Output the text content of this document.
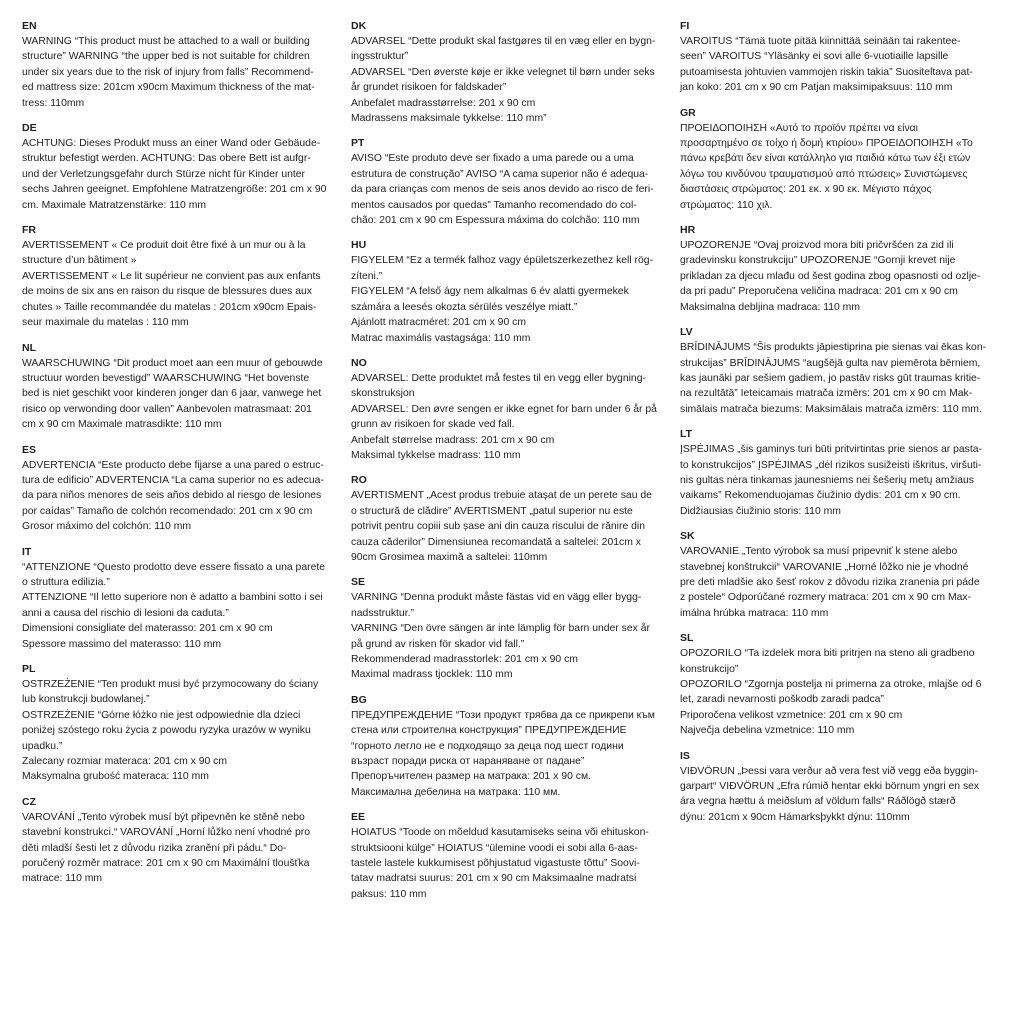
EN
WARNING “This product must be attached to a wall or building
structure” WARNING “the upper bed is not suitable for children
under six years due to the risk of injury from falls” Recommend-
ed mattress size: 201cm x90cm Maximum thickness of the mat-
tress: 110mm
DE
ACHTUNG: Dieses Produkt muss an einer Wand oder Gebäude-
struktur befestigt werden. ACHTUNG: Das obere Bett ist aufgr-
und der Verletzungsgefahr durch Stürze nicht für Kinder unter
sechs Jahren geeignet. Empfohlene Matratzengröße: 201 cm x 90
cm. Maximale Matratzenstärke: 110 mm
FR
AVERTISSEMENT « Ce produit doit être fixé à un mur ou à la
structure d’un bâtiment »
AVERTISSEMENT « Le lit supérieur ne convient pas aux enfants
de moins de six ans en raison du risque de blessures dues aux
chutes » Taille recommandée du matelas : 201cm x90cm Epais-
seur maximale du matelas : 110 mm
NL
WAARSCHUWING “Dit product moet aan een muur of gebouwde
structuur worden bevestigd” WAARSCHUWING “Het bovenste
bed is niet geschikt voor kinderen jonger dan 6 jaar, vanwege het
risico op verwonding door vallen” Aanbevolen matrasmaat: 201
cm x 90 cm Maximale matrasdikte: 110 mm
ES
ADVERTENCIA “Este producto debe fijarse a una pared o estruc-
tura de edificio” ADVERTENCIA “La cama superior no es adecua-
da para niños menores de seis años debido al riesgo de lesiones
por caídas” Tamaño de colchón recomendado: 201 cm x 90 cm
Grosor máximo del colchón: 110 mm
IT
“ATTENZIONE “Questo prodotto deve essere fissato a una parete
o struttura edilizia.”
ATTENZIONE “Il letto superiore non è adatto a bambini sotto i sei
anni a causa del rischio di lesioni da caduta.”
Dimensioni consigliate del materasso: 201 cm x 90 cm
Spessore massimo del materasso: 110 mm
PL
OSTRZEŻENIE “Ten produkt musi być przymocowany do ściany
lub konstrukcji budowlanej.”
OSTRZEŻENIE “Górne łóżko nie jest odpowiednie dla dzieci
poniżej szóstego roku życia z powodu ryzyka urazów w wyniku
upadku.”
Zalecany rozmiar materaca: 201 cm x 90 cm
Maksymalna grubość materaca: 110 mm
CZ
VAROVÁNÍ „Tento výrobek musí být připevněn ke stěně nebo
stavební konstrukci.“ VAROVÁNÍ „Horní lůžko není vhodné pro
děti mladší šesti let z důvodu rizika zranění při pádu.“ Do-
poručený rozměr matrace: 201 cm x 90 cm Maximální tloušťka
matrace: 110 mm
DK
ADVARSEL “Dette produkt skal fastgøres til en væg eller en bygn-
ingsstruktur”
ADVARSEL “Den øverste køje er ikke velegnet til børn under seks
år grundet risikoen for faldskader”
Anbefalet madrasstørrelse: 201 x 90 cm
Madrassens maksimale tykkelse: 110 mm”
PT
AVISO “Este produto deve ser fixado a uma parede ou a uma
estrutura de construção” AVISO “A cama superior não é adequa-
da para crianças com menos de seis anos devido ao risco de feri-
mentos causados por quedas” Tamanho recomendado do col-
chão: 201 cm x 90 cm Espessura máxima do colchão: 110 mm
HU
FIGYELEM “Ez a termék falhoz vagy épületszerkezethez kell rög-
zíteni.”
FIGYELEM “A felső ágy nem alkalmas 6 év alatti gyermekek
számára a leesés okozta sérülés veszélye miatt.”
Ajánlott matracméret: 201 cm x 90 cm
Matrac maximális vastagsága: 110 mm
NO
ADVARSEL: Dette produktet må festes til en vegg eller bygning-
skonstruksjon
ADVARSEL: Den øvre sengen er ikke egnet for barn under 6 år på
grunn av risikoen for skade ved fall.
Anbefalt størrelse madrass: 201 cm x 90 cm
Maksimal tykkelse madrass: 110 mm
RO
AVERTISMENT „Acest produs trebuie atașat de un perete sau de
o structură de clădire” AVERTISMENT „patul superior nu este
potrivit pentru copiii sub șase ani din cauza riscului de rănire din
cauza căderilor” Dimensiunea recomandată a saltelei: 201cm x
90cm Grosimea maximă a saltelei: 110mm
SE
VARNING “Denna produkt måste fästas vid en vägg eller bygg-
nadsstruktur.”
VARNING “Den övre sängen är inte lämplig för barn under sex år
på grund av risken för skador vid fall.”
Rekommenderad madrasstorlek: 201 cm x 90 cm
Maximal madrass tjocklek: 110 mm
BG
ПРЕДУПРЕЖДЕНИЕ “Този продукт трябва да се прикрепи към
стена или строителна конструкция” ПРЕДУПРЕЖДЕНИЕ
“горното легло не е подходящо за деца под шест години
възраст поради риска от нараняване от падане”
Препоръчителен размер на матрака: 201 х 90 см.
Максимална дебелина на матрака: 110 мм.
EE
HOIATUS “Toode on mõeldud kasutamiseks seina või ehituskon-
struktsiooni külge” HOIATUS “ülemine voodi ei sobi alla 6-aas-
tastele lastele kukkumisest põhjustatud vigastuste tõttu” Soovi-
tatav madratsi suurus: 201 cm x 90 cm Maksimaalne madratsi
paksus: 110 mm
FI
VAROITUS “Tämä tuote pitää kiinnittää seinään tai rakentee-
seen” VAROITUS “Yläsänky ei sovi alle 6-vuotiaille lapsille
putoamisesta johtuvien vammojen riskin takia” Suositeltava pat-
jan koko: 201 cm x 90 cm Patjan maksimipaksuus: 110 mm
GR
ΠΡΟΕΙΔΟΠΟΙΗΣΗ «Αυτό το προϊόν πρέπει να είναι
προσαρτημένο σε τοίχο ή δομή κτιρίου» ΠΡΟΕΙΔΟΠΟΙΗΣΗ «Το
πάνω κρεβάτι δεν είναι κατάλληλο για παιδιά κάτω των έξι ετών
λόγω του κινδύνου τραυματισμού από πτώσεις» Συνιστώμενες
διαστάσεις στρώματος: 201 εκ. x 90 εκ. Μέγιστο πάχος
στρώματος: 110 χιλ.
HR
UPOZORENJE “Ovaj proizvod mora biti pričvršćen za zid ili
gradevinsku konstrukciju” UPOZORENJE “Gornji krevet nije
prikladan za djecu mlađu od šest godina zbog opasnosti od ozlje-
da pri padu” Preporučena veličina madraca: 201 cm x 90 cm
Maksimalna debljina madraca: 110 mm
LV
BRĪDINĀJUMS “Šis produkts jāpiestiprina pie sienas vai ēkas kon-
strukcijas” BRĪDINĀJUMS “augšējā gulta nav piemērota bērniem,
kas jaunāki par sešiem gadiem, jo pastāv risks gūt traumas kritie-
na rezultātā” Ieteicamais matrača izmērs: 201 cm x 90 cm Mak-
simālais matrača biezums: Maksimālais matrača izmērs: 110 mm.
LT
ĮSPĖJIMAS „šis gaminys turi būti pritvirtintas prie sienos ar pasta-
to konstrukcijos” ĮSPĖJIMAS „dėl rizikos susižeisti iškritus, viršuti-
nis gultas nėra tinkamas jaunesniems nei šešerių metų amžiaus
vaikams” Rekomenduojamas čiužinio dydis: 201 cm x 90 cm.
Didžiausias čiužinio storis: 110 mm
SK
VAROVANIE „Tento výrobok sa musí pripevniť k stene alebo
stavebnej konštrukcii“ VAROVANIE „Horné lôžko nie je vhodné
pre deti mladšie ako šesť rokov z dôvodu rizika zranenia pri páde
z postele“ Odporúčané rozmery matraca: 201 cm x 90 cm Max-
imálna hrúbka matraca: 110 mm
SL
OPOZORILO “Ta izdelek mora biti pritrjen na steno ali gradbeno
konstrukcijo”
OPOZORILO “Zgornja postelja ni primerna za otroke, mlajše od 6
let, zaradi nevarnosti poškodb zaradi padca”
Priporočena velikost vzmetnice: 201 cm x 90 cm
Največja debelina vzmetnice: 110 mm
IS
VIÐVÖRUN „Þessi vara verður að vera fest við vegg eða byggin-
garpart“ VIÐVÖRUN „Efra rúmið hentar ekki börnum yngri en sex
ára vegna hættu á meiðslum af völdum falls“ Ráðlögð stærð
dýnu: 201cm x 90cm Hámarksþykkt dýnu: 110mm
